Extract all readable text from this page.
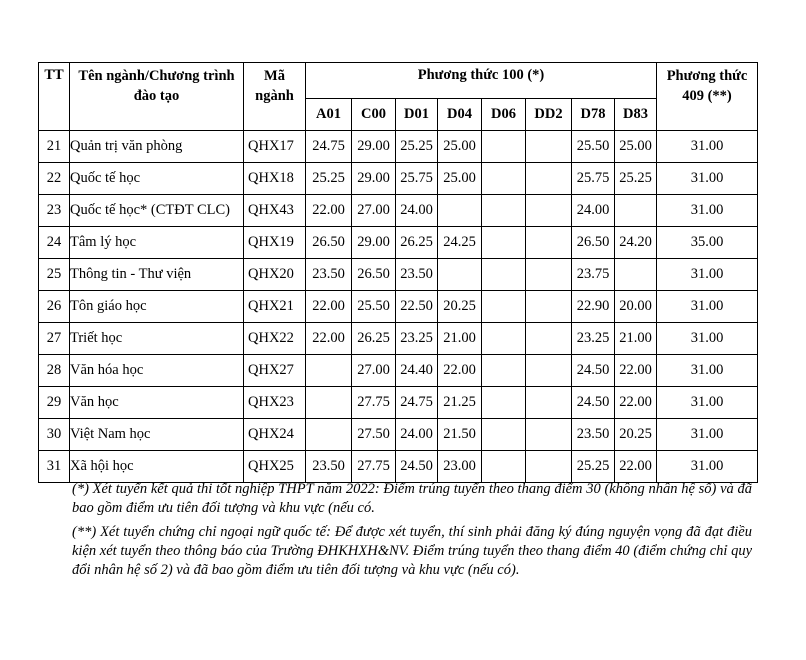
TT	Tên ngành/Chương trình đào tạo	Mã ngành	Phương thức 100 (*)								Phương thức 409 (**)
			A01	C00	D01	D04	D06	DD2	D78	D83	
21	Quản trị văn phòng	QHX17	24.75	29.00	25.25	25.00			25.50	25.00	31.00
22	Quốc tế học	QHX18	25.25	29.00	25.75	25.00			25.75	25.25	31.00
23	Quốc tế học* (CTĐT CLC)	QHX43	22.00	27.00	24.00				24.00		31.00
24	Tâm lý học	QHX19	26.50	29.00	26.25	24.25			26.50	24.20	35.00
25	Thông tin - Thư viện	QHX20	23.50	26.50	23.50				23.75		31.00
26	Tôn giáo học	QHX21	22.00	25.50	22.50	20.25			22.90	20.00	31.00
27	Triết học	QHX22	22.00	26.25	23.25	21.00			23.25	21.00	31.00
28	Văn hóa học	QHX27		27.00	24.40	22.00			24.50	22.00	31.00
29	Văn học	QHX23		27.75	24.75	21.25			24.50	22.00	31.00
30	Việt Nam học	QHX24		27.50	24.00	21.50			23.50	20.25	31.00
31	Xã hội học	QHX25	23.50	27.75	24.50	23.00			25.25	22.00	31.00

(*) Xét tuyển kết quả thi tốt nghiệp THPT năm 2022: Điểm trúng tuyển theo thang điểm 30 (không nhân hệ số) và đã bao gồm điểm ưu tiên đối tượng và khu vực (nếu có.

(**) Xét tuyển chứng chỉ ngoại ngữ quốc tế: Để được xét tuyển, thí sinh phải đăng ký đúng nguyện vọng đã đạt điều kiện xét tuyển theo thông báo của Trường ĐHKHXH&NV. Điểm trúng tuyển theo thang điểm 40 (điểm chứng chỉ quy đổi nhân hệ số 2) và đã bao gồm điểm ưu tiên đối tượng và khu vực (nếu có).
